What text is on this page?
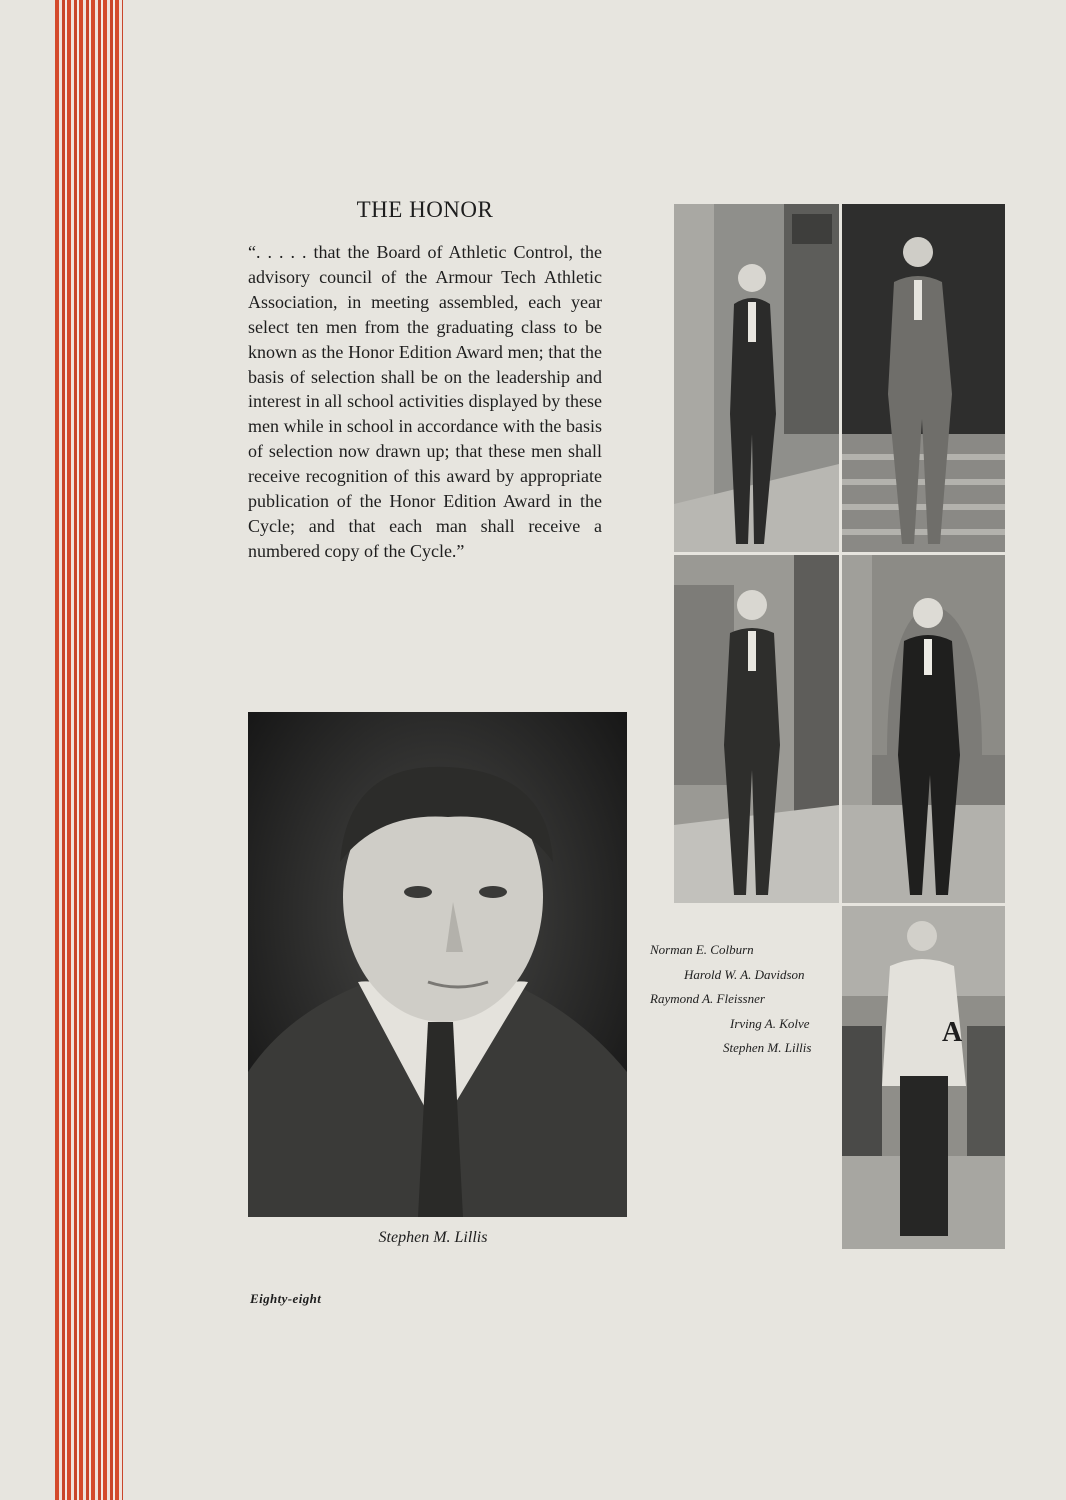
THE HONOR

“. . . . . that the Board of Athletic Control, the advisory council of the Armour Tech Athletic Association, in meeting assembled, each year select ten men from the graduating class to be known as the Honor Edition Award men; that the basis of selection shall be on the leadership and interest in all school activities displayed by these men while in school in accordance with the basis of selection now drawn up; that these men shall receive recognition of this award by appropriate publication of the Honor Edition Award in the Cycle; and that each man shall receive a numbered copy of the Cycle.”

A
Stephen M. Lillis
Norman E. Colburn
Harold W. A. Davidson
Raymond A. Fleissner
Irving A. Kolve
Stephen M. Lillis
Eighty-eight
